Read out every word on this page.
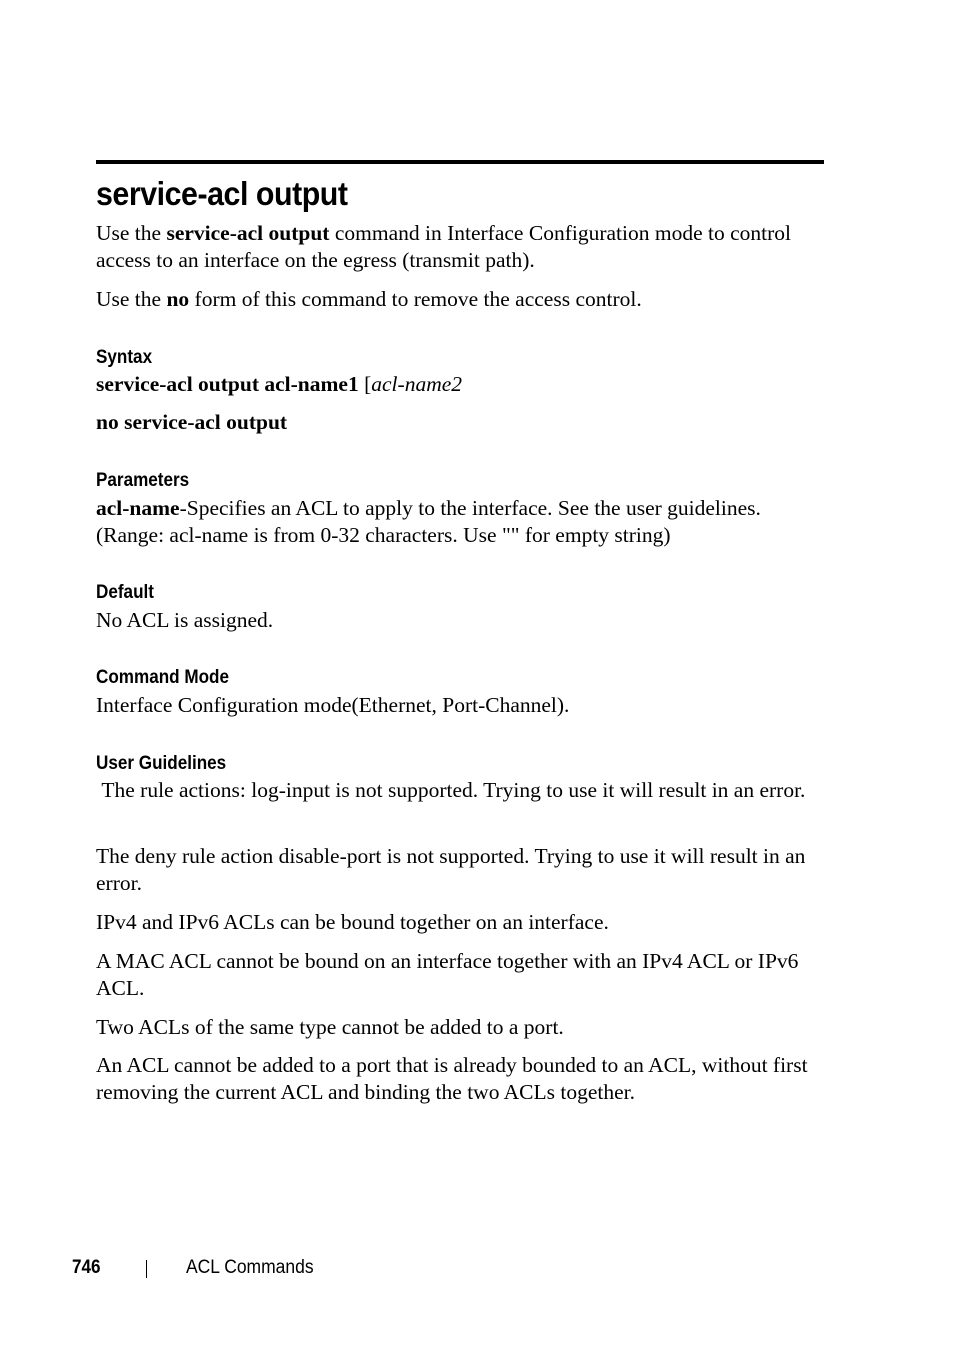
service-acl output

Use the service-acl output command in Interface Configuration mode to control access to an interface on the egress (transmit path).

Use the no form of this command to remove the access control.

Syntax

service-acl output acl-name1 [acl-name2

no service-acl output

Parameters

acl-name-Specifies an ACL to apply to the interface. See the user guidelines. (Range: acl-name is from 0-32 characters. Use "" for empty string)

Default

No ACL is assigned.

Command Mode

Interface Configuration mode(Ethernet, Port-Channel).

User Guidelines

The rule actions: log-input is not supported. Trying to use it will result in an error.

The deny rule action disable-port is not supported. Trying to use it will result in an error.

IPv4 and IPv6 ACLs can be bound together on an interface.

A MAC ACL cannot be bound on an interface together with an IPv4 ACL or IPv6 ACL.

Two ACLs of the same type cannot be added to a port.

An ACL cannot be added to a port that is already bounded to an ACL, without first removing the current ACL and binding the two ACLs together.

746	ACL Commands
